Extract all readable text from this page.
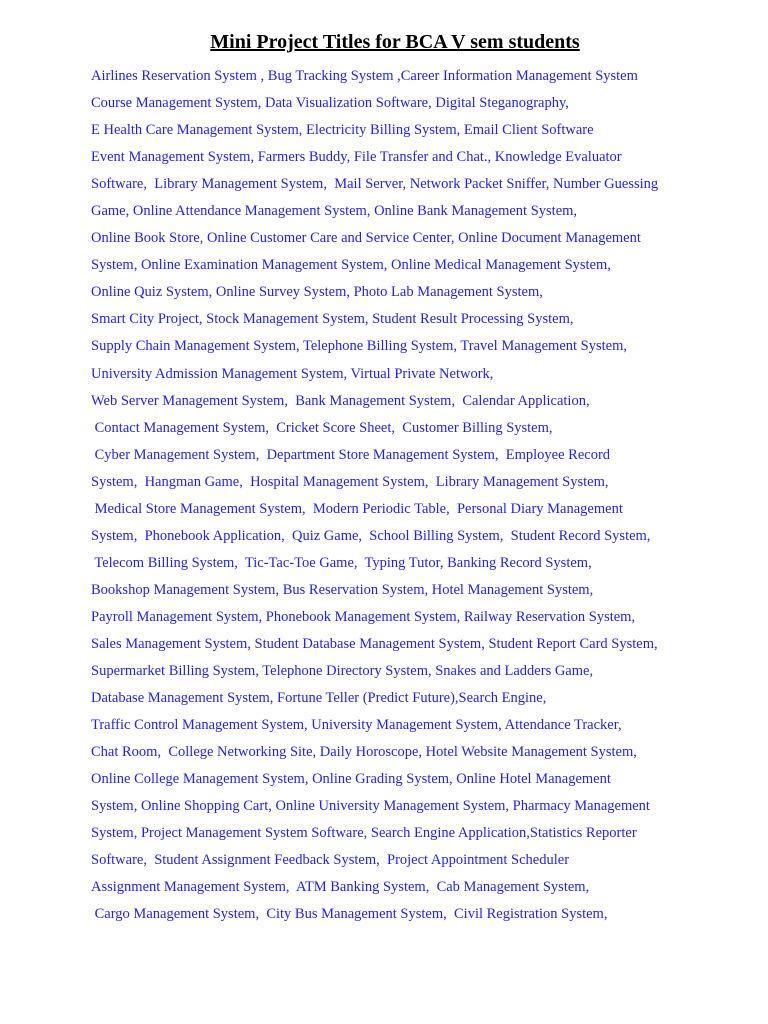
Mini Project Titles for BCA V sem students
Airlines Reservation System , Bug Tracking System ,Career Information Management System
Course Management System, Data Visualization Software, Digital Steganography,
E Health Care Management System, Electricity Billing System, Email Client Software
Event Management System, Farmers Buddy, File Transfer and Chat., Knowledge Evaluator
Software,  Library Management System,  Mail Server, Network Packet Sniffer, Number Guessing
Game, Online Attendance Management System, Online Bank Management System,
Online Book Store, Online Customer Care and Service Center, Online Document Management
System, Online Examination Management System, Online Medical Management System,
Online Quiz System, Online Survey System, Photo Lab Management System,
Smart City Project, Stock Management System, Student Result Processing System,
Supply Chain Management System, Telephone Billing System, Travel Management System,
University Admission Management System, Virtual Private Network,
Web Server Management System,  Bank Management System,  Calendar Application,
Contact Management System,  Cricket Score Sheet,  Customer Billing System,
Cyber Management System,  Department Store Management System,  Employee Record
System,  Hangman Game,  Hospital Management System,  Library Management System,
Medical Store Management System,  Modern Periodic Table,  Personal Diary Management
System,  Phonebook Application,  Quiz Game,  School Billing System,  Student Record System,
Telecom Billing System,  Tic-Tac-Toe Game,  Typing Tutor, Banking Record System,
Bookshop Management System, Bus Reservation System, Hotel Management System,
Payroll Management System, Phonebook Management System, Railway Reservation System,
Sales Management System, Student Database Management System, Student Report Card System,
Supermarket Billing System, Telephone Directory System, Snakes and Ladders Game,
Database Management System, Fortune Teller (Predict Future),Search Engine,
Traffic Control Management System, University Management System, Attendance Tracker,
Chat Room,  College Networking Site, Daily Horoscope, Hotel Website Management System,
Online College Management System, Online Grading System, Online Hotel Management
System, Online Shopping Cart, Online University Management System, Pharmacy Management
System, Project Management System Software, Search Engine Application,Statistics Reporter
Software,  Student Assignment Feedback System,  Project Appointment Scheduler
Assignment Management System,  ATM Banking System,  Cab Management System,
Cargo Management System,  City Bus Management System,  Civil Registration System,
